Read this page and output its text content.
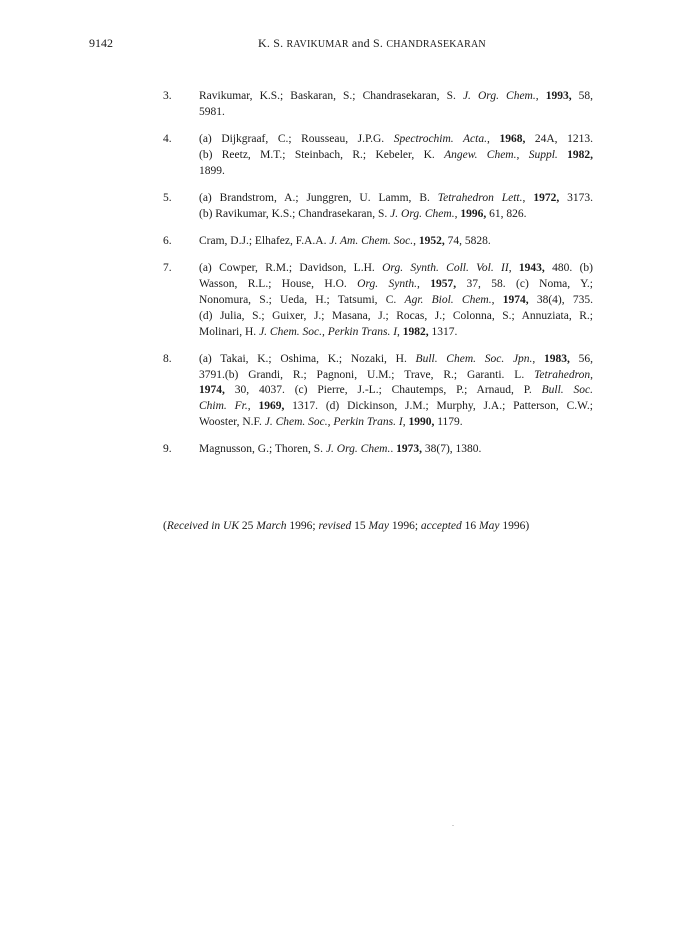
9142	K. S. RAVIKUMAR and S. CHANDRASEKARAN
3. Ravikumar, K.S.; Baskaran, S.; Chandrasekaran, S. J. Org. Chem., 1993, 58,
5981.
4. (a) Dijkgraaf, C.; Rousseau, J.P.G. Spectrochim. Acta., 1968, 24A, 1213.
(b) Reetz, M.T.; Steinbach, R.; Kebeler, K. Angew. Chem., Suppl. 1982,
1899.
5. (a) Brandstrom, A.; Junggren, U. Lamm, B. Tetrahedron Lett., 1972, 3173.
(b) Ravikumar, K.S.; Chandrasekaran, S. J. Org. Chem., 1996, 61, 826.
6. Cram, D.J.; Elhafez, F.A.A. J. Am. Chem. Soc., 1952, 74, 5828.
7. (a) Cowper, R.M.; Davidson, L.H. Org. Synth. Coll. Vol. II, 1943, 480. (b)
Wasson, R.L.; House, H.O. Org. Synth., 1957, 37, 58. (c) Noma, Y.;
Nonomura, S.; Ueda, H.; Tatsumi, C. Agr. Biol. Chem., 1974, 38(4), 735.
(d) Julia, S.; Guixer, J.; Masana, J.; Rocas, J.; Colonna, S.; Annuziata, R.;
Molinari, H. J. Chem. Soc., Perkin Trans. I, 1982, 1317.
8. (a) Takai, K.; Oshima, K.; Nozaki, H. Bull. Chem. Soc. Jpn., 1983, 56,
3791.(b) Grandi, R.; Pagnoni, U.M.; Trave, R.; Garanti. L. Tetrahedron,
1974, 30, 4037. (c) Pierre, J.-L.; Chautemps, P.; Arnaud, P. Bull. Soc.
Chim. Fr., 1969, 1317. (d) Dickinson, J.M.; Murphy, J.A.; Patterson, C.W.;
Wooster, N.F. J. Chem. Soc., Perkin Trans. I, 1990, 1179.
9. Magnusson, G.; Thoren, S. J. Org. Chem.. 1973, 38(7), 1380.
(Received in UK 25 March 1996; revised 15 May 1996; accepted 16 May 1996)
